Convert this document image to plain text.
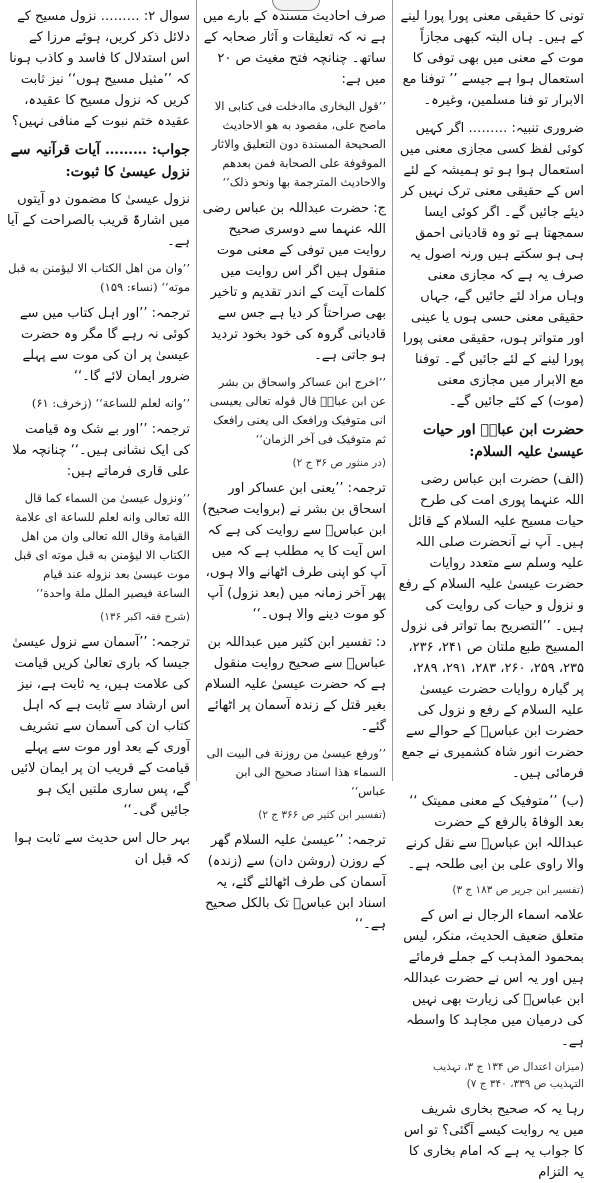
تونی کا حقیقی معنی پورا پورا لینے کے ہیں۔ ہاں البتہ کبھی مجازاً موت کے معنی میں بھی توفی کا استعمال ہوا ہے جیسے ’’ توفنا مع الابرار تو فنا مسلمین، وغیرہ۔

ضروری تنبیہ: ……… اگر کہیں کوئی لفظ کسی مجازی معنی میں استعمال ہوا ہو تو ہمیشہ کے لئے اس کے حقیقی معنی ترک نہیں کر دیئے جائیں گے۔ اگر کوئی ایسا سمجھتا ہے تو وہ قادیانی احمق ہی ہو سکتے ہیں ورنہ اصول یہ صرف یہ ہے کہ مجازی معنی وہاں مراد لئے جائیں گے، جہاں حقیقی معنی حسی ہوں یا عینی اور متواتر ہوں، حقیقی معنی پورا پورا لینے کے لئے جائیں گے۔ توفنا مع الابرار میں مجازی معنی (موت) کے کئے جائیں گے۔

حضرت ابن عباسؓ اور حیات عیسیٰ علیہ السلام:

(الف) حضرت ابن عباس رضی اللہ عنہما پوری امت کی طرح حیات مسیح علیہ السلام کے قائل ہیں۔ آپ نے آنحضرت صلی اللہ علیہ وسلم سے متعدد روایات حضرت عیسیٰ علیہ السلام کے رفع و نزول و حیات کی روایت کی ہیں۔ ’’التصریح بما تواتر فی نزول المسیح طبع ملتان ص ۲۴۱، ۲۳۶، ۲۳۵، ۲۵۹، ۲۶۰، ۲۸۳، ۲۹۱، ۲۸۹، پر گیارہ روایات حضرت عیسیٰ علیہ السلام کے رفع و نزول کی حضرت ابن عباسؓ کے حوالے سے حضرت انور شاہ کشمیری نے جمع فرمائی ہیں۔

(ب) ’’متوفیک کے معنی ممیتک ‘‘ بعد الوفاۃ بالرفع کے حضرت عبداللہ ابن عباسؓ سے نقل کرنے والا راوی علی بن ابی طلحہ ہے۔

(تفسیر ابن جریر ص ۱۸۳ ج ۳)

علامہ اسماء الرجال نے اس کے متعلق ضعیف الحدیث، منکر، لیس بمحمود المذہب کے جملے فرمائے ہیں اور یہ اس نے حضرت عبداللہ ابن عباسؓ کی زیارت بھی نہیں کی درمیان میں مجاہد کا واسطہ ہے۔

(میزان اعتدال ص ۱۳۴ ج ۳، تہذیب التہذیب ص ۳۳۹، ۳۴۰ ج ۷)

رہا یہ کہ صحیح بخاری شریف میں یہ روایت کیسے آگئی؟ تو اس کا جواب یہ ہے کہ امام بخاری کا یہ التزام

صرف احادیث مسندہ کے بارے میں ہے نہ کہ تعلیقات و آثار صحابہ کے ساتھ۔ چنانچہ فتح مغیث ص ۲۰ میں ہے:

’’قول البخاری ماادخلت فی کتابی الا ماصح علی، مقصود به هو الاحادیث الصحیحة المسندة دون التعلیق والاثار الموقوفة علی الصحابة فمن بعدهم والاحادیث المترجمة بها ونحو ذلک‘‘

ج: حضرت عبداللہ بن عباس رضی اللہ عنہما سے دوسری صحیح روایت میں توفی کے معنی موت منقول ہیں اگر اس روایت میں کلمات آیت کے اندر تقدیم و تاخیر بھی صراحتاً کر دیا ہے جس سے قادیانی گروہ کی خود بخود تردید ہو جاتی ہے۔

’’اخرج ابن عساکر واسحاق بن بشر عن ابن عباسؓ قال قوله تعالی یعیسی انی متوفیک ورافعک الی یعنی رافعک ثم متوفیک فی آخر الزمان‘‘

(در منثور ص ۳۶ ج ۲)

ترجمہ: ’’یعنی ابن عساکر اور اسحاق بن بشر نے (بروایت صحیح) ابن عباسؓ سے روایت کی ہے کہ اس آیت کا یہ مطلب ہے کہ میں آپ کو اپنی طرف اٹھانے والا ہوں، پھر آخر زمانہ میں (بعد نزول) آپ کو موت دینے والا ہوں۔‘‘

د: تفسیر ابن کثیر میں عبداللہ بن عباسؓ سے صحیح روایت منقول ہے کہ حضرت عیسیٰ علیہ السلام بغیر قتل کے زندہ آسمان پر اٹھائے گئے۔

’’ورفع عیسیٰ من روزنة فی البیت الی السماء هذا اسناد صحیح الی ابن عباس‘‘

(تفسیر ابن کثیر ص ۳۶۶ ج ۲)

ترجمہ: ’’عیسیٰ علیہ السلام گھر کے روزن (روشن دان) سے (زندہ) آسمان کی طرف اٹھالئے گئے، یہ اسناد ابن عباسؓ تک بالکل صحیح ہے۔‘‘

سوال ۲: ……… نزول مسیح کے دلائل ذکر کریں، ہوئے مرزا کے اس استدلال کا فاسد و کاذب ہونا کہ ’’مثیل مسیح ہوں‘‘ نیز ثابت کریں کہ نزول مسیح کا عقیدہ، عقیدہ ختم نبوت کے منافی نہیں؟

جواب: ……… آیات قرآنیہ سے نزول عیسیٰ کا ثبوت:

نزول عیسیٰ کا مضمون دو آیتوں میں اشارۃً قریب بالصراحت کے آیا ہے۔

’’وان من اهل الکتاب الا لیؤمنن به قبل موته‘‘ (نساء: ۱۵۹)

ترجمہ: ’’اور اہل کتاب میں سے کوئی نہ رہے گا مگر وہ حضرت عیسیٰ پر ان کی موت سے پہلے ضرور ایمان لائے گا۔‘‘

’’وانه لعلم للساعة‘‘ (زخرف: ۶۱)

ترجمہ: ’’اور بے شک وہ قیامت کی ایک نشانی ہیں۔‘‘ چنانچہ ملا علی قاری فرماتے ہیں:

’’ونزول عیسیٰ من السماء کما قال الله تعالی وانه لعلم للساعة ای علامة القیامة وقال الله تعالی وان من اهل الکتاب الا لیؤمنن به قبل موته ای قبل موت عیسیٰ بعد نزوله عند قیام الساعة فیصیر الملل ملة واحدة‘‘

(شرح فقہ اکبر ۱۳۶)

ترجمہ: ’’آسمان سے نزول عیسیٰ جیسا کہ باری تعالیٰ کریں قیامت کی علامت ہیں، یہ ثابت ہے، نیز اس ارشاد سے ثابت ہے کہ اہل کتاب ان کی آسمان سے تشریف آوری کے بعد اور موت سے پہلے قیامت کے قریب ان پر ایمان لائیں گے، پس ساری ملتیں ایک ہو جائیں گی۔‘‘

بہر حال اس حدیث سے ثابت ہوا کہ قبل ان
